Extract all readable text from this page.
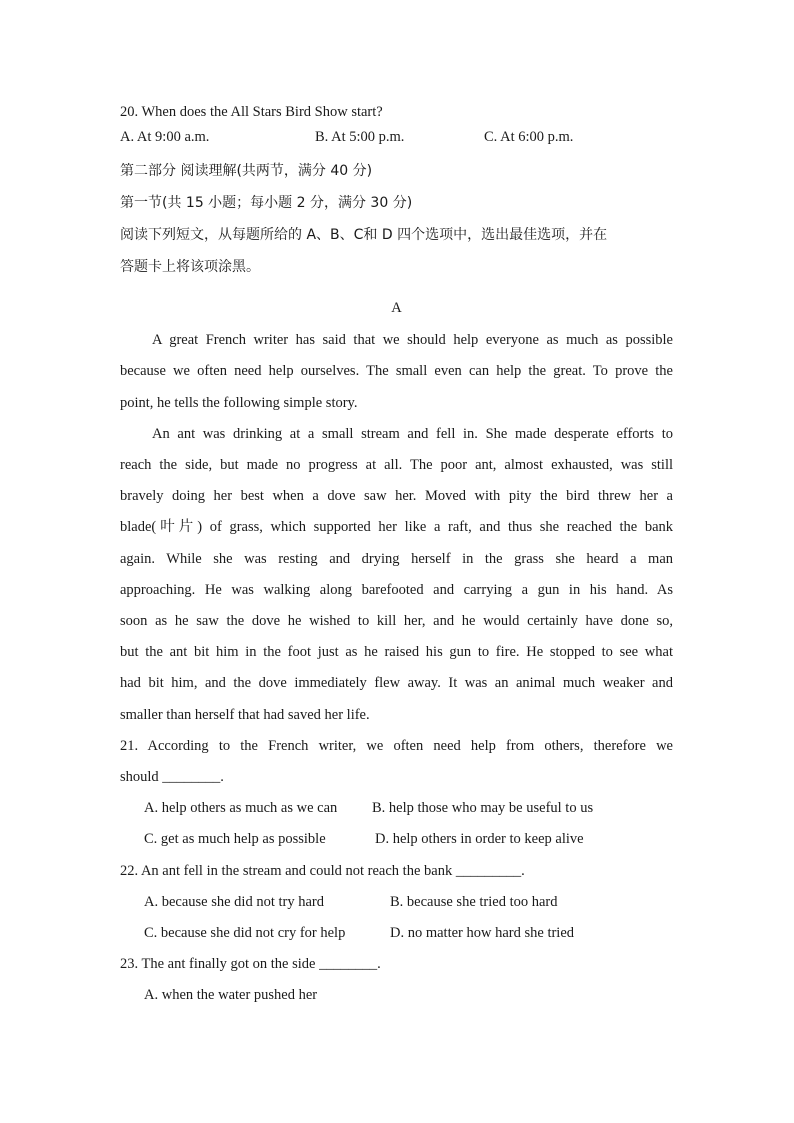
20. When does the All Stars Bird Show start?
A. At 9:00 a.m.	B. At 5:00 p.m.	C. At 6:00 p.m.
第二部分 阅读理解(共两节，满分 40 分)
第一节(共 15 小题；每小题 2 分，满分 30 分)
阅读下列短文，从每题所给的 A、B、C和 D 四个选项中，选出最佳选项，并在
答题卡上将该项涂黑。
A
A great French writer has said that we should help everyone as much as possible
because we often need help ourselves. The small even can help the great. To prove the
point, he tells the following simple story.
An ant was drinking at a small stream and fell in. She made desperate efforts to
reach the side, but made no progress at all. The poor ant, almost exhausted, was still
bravely doing her best when a dove saw her. Moved with pity the bird threw her a
blade(叶片) of grass, which supported her like a raft, and thus she reached the bank
again. While she was resting and drying herself in the grass she heard a man
approaching. He was walking along barefooted and carrying a gun in his hand. As
soon as he saw the dove he wished to kill her, and he would certainly have done so,
but the ant bit him in the foot just as he raised his gun to fire. He stopped to see what
had bit him, and the dove immediately flew away. It was an animal much weaker and
smaller than herself that had saved her life.
21. According to the French writer, we often need help from others, therefore we
should ________.
A. help others as much as we can B. help those who may be useful to us
C. get as much help as possible	D. help others in order to keep alive
22. An ant fell in the stream and could not reach the bank _________.
A. because she did not try hard	B. because she tried too hard
C. because she did not cry for help	D. no matter how hard she tried
23. The ant finally got on the side ________.
A. when the water pushed her
